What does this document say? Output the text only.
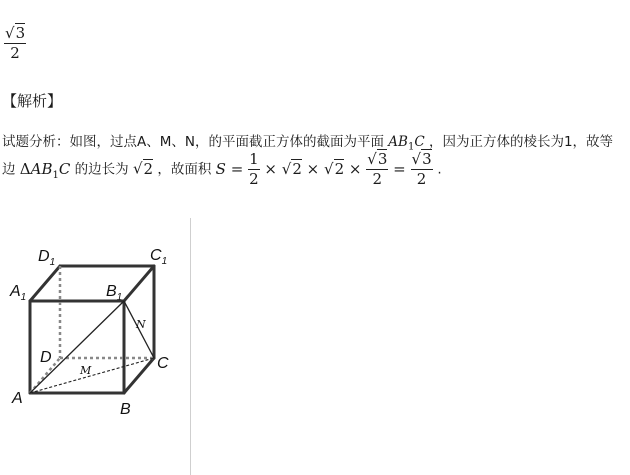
$\frac{√3}{2}$
【解析】
试题分析：如图，过点A、M、N，的平面截正方体的截面为平面 $AB_1C$ ，因为正方体的棱长为1，故等
边 $\Delta AB_1C$ 的边长为 √2 ，故面积 $S = \frac{1}{2} \times √2 \times √2 \times \frac{√3}{2} = \frac{√3}{2}$ .
$D_1$	$C_1$
$A_1$	$B_1$
D	C
A
B
N
M
